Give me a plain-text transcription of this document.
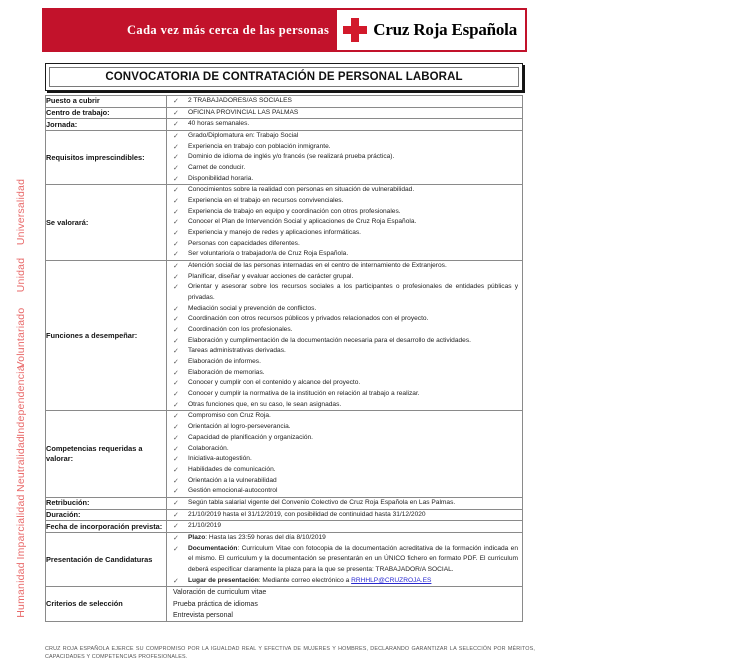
Universalidad
Unidad
Voluntariado
Independencia
Neutralidad
Imparcialidad
Humanidad
Cada vez más cerca de las personas	Cruz Roja Española
CONVOCATORIA DE CONTRATACIÓN DE PERSONAL LABORAL
Puesto a cubrir	✓ 2 TRABAJADORES/AS SOCIALES

Centro de trabajo:	✓ OFICINA PROVINCIAL LAS PALMAS

Jornada:	✓ 40 horas semanales.

Requisitos imprescindibles:	
✓ Grado/Diplomatura en: Trabajo Social
✓ Experiencia en trabajo con población inmigrante.
✓ Dominio de idioma de inglés y/o francés (se realizará prueba práctica).
✓ Carnet de conducir.
✓ Disponibilidad horaria.

Se valorará:	
✓ Conocimientos sobre la realidad con personas en situación de vulnerabilidad.
✓ Experiencia en el trabajo en recursos convivenciales.
✓ Experiencia de trabajo en equipo y coordinación con otros profesionales.
✓ Conocer el Plan de Intervención Social y aplicaciones de Cruz Roja Española.
✓ Experiencia y manejo de redes y aplicaciones informáticas.
✓ Personas con capacidades diferentes.
✓ Ser voluntario/a o trabajador/a de Cruz Roja Española.

Funciones a desempeñar:	
✓ Atención social de las personas internadas en el centro de internamiento de Extranjeros.
✓ Planificar, diseñar y evaluar acciones de carácter grupal.
✓ Orientar y asesorar sobre los recursos sociales a los participantes o profesionales de entidades públicas y privadas.
✓ Mediación social y prevención de conflictos.
✓ Coordinación con otros recursos públicos y privados relacionados con el proyecto.
✓ Coordinación con los profesionales.
✓ Elaboración y cumplimentación de la documentación necesaria para el desarrollo de actividades.
✓ Tareas administrativas derivadas.
✓ Elaboración de informes.
✓ Elaboración de memorias.
✓ Conocer y cumplir con el contenido y alcance del proyecto.
✓ Conocer y cumplir la normativa de la institución en relación al trabajo a realizar.
✓ Otras funciones que, en su caso, le sean asignadas.

Competencias requeridas a valorar:	
✓ Compromiso con Cruz Roja.
✓ Orientación al logro-perseverancia.
✓ Capacidad de planificación y organización.
✓ Colaboración.
✓ Iniciativa-autogestión.
✓ Habilidades de comunicación.
✓ Orientación a la vulnerabilidad
✓ Gestión emocional-autocontrol

Retribución:	✓ Según tabla salarial vigente del Convenio Colectivo de Cruz Roja Española en Las Palmas.

Duración:	✓ 21/10/2019 hasta el 31/12/2019, con posibilidad de continuidad hasta 31/12/2020

Fecha de incorporación prevista:	✓ 21/10/2019

Presentación de Candidaturas	
✓ Plazo: Hasta las 23:59 horas del día 8/10/2019
✓ Documentación: Curriculum Vitae con fotocopia de la documentación acreditativa de la formación indicada en el mismo. El curriculum y la documentación se presentarán en un ÚNICO fichero en formato PDF. El curriculum deberá especificar claramente la plaza para la que se presenta: TRABAJADOR/A SOCIAL.
✓ Lugar de presentación: Mediante correo electrónico a RRHHLP@CRUZROJA.ES

Criterios de selección	
Valoración de curriculum vitae
Prueba práctica de idiomas
Entrevista personal
CRUZ ROJA ESPAÑOLA EJERCE SU COMPROMISO POR LA IGUALDAD REAL Y EFECTIVA DE MUJERES Y HOMBRES, DECLARANDO GARANTIZAR LA SELECCIÓN POR MÉRITOS, CAPACIDADES Y COMPETENCIAS PROFESIONALES.
